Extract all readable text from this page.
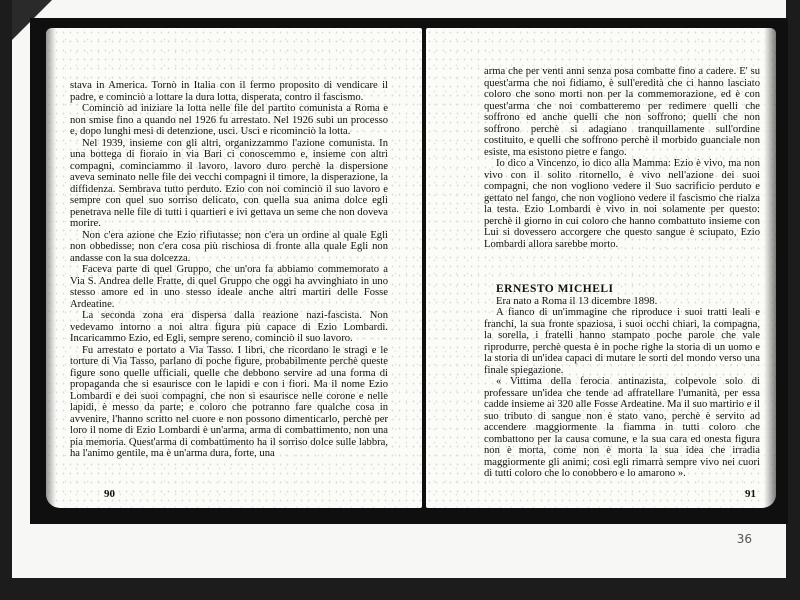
stava in America. Tornò in Italia con il fermo proposito di vendicare il padre, e cominciò a lottare la dura lotta, disperata, contro il fascismo.

Cominciò ad iniziare la lotta nelle file del partito comunista a Roma e non smise fino a quando nel 1926 fu arrestato. Nel 1926 subì un processo e, dopo lunghi mesi di detenzione, uscì. Uscì e ricominciò la lotta.

Nel 1939, insieme con gli altri, organizzammo l'azione comunista. In una bottega di fioraio in via Bari ci conoscemmo e, insieme con altri compagni, cominciammo il lavoro, lavoro duro perchè la dispersione aveva seminato nelle file dei vecchi compagni il timore, la disperazione, la diffidenza. Sembrava tutto perduto. Ezio con noi cominciò il suo lavoro e sempre con quel suo sorriso delicato, con quella sua anima dolce egli penetrava nelle file di tutti i quartieri e ivi gettava un seme che non doveva morire.

Non c'era azione che Ezio rifiutasse; non c'era un ordine al quale Egli non obbedisse; non c'era cosa più rischiosa di fronte alla quale Egli non andasse con la sua dolcezza.

Faceva parte di quel Gruppo, che un'ora fa abbiamo commemorato a Via S. Andrea delle Fratte, di quel Gruppo che oggi ha avvinghiato in uno stesso amore ed in uno stesso ideale anche altri martiri delle Fosse Ardeatine.

La seconda zona era dispersa dalla reazione nazi-fascista. Non vedevamo intorno a noi altra figura più capace di Ezio Lombardi. Incaricammo Ezio, ed Egli, sempre sereno, cominciò il suo lavoro.

Fu arrestato e portato a Via Tasso. I libri, che ricordano le stragi e le torture di Via Tasso, parlano di poche figure, probabilmente perchè queste figure sono quelle ufficiali, quelle che debbono servire ad una forma di propaganda che si esaurisce con le lapidi e con i fiori. Ma il nome Ezio Lombardi e dei suoi compagni, che non si esaurisce nelle corone e nelle lapidi, è messo da parte; e coloro che potranno fare qualche cosa in avvenire, l'hanno scritto nel cuore e non possono dimenticarlo, perchè per loro il nome di Ezio Lombardi è un'arma, arma di combattimento, non una pia memoria. Quest'arma di combattimento ha il sorriso dolce sulle labbra, ha l'animo gentile, ma è un'arma dura, forte, una

90

arma che per venti anni senza posa combatte fino a cadere. E' su quest'arma che noi fidiamo, è sull'eredità che ci hanno lasciato coloro che sono morti non per la commemorazione, ed è con quest'arma che noi combatteremo per redimere quelli che soffrono ed anche quelli che non soffrono; quelli che non soffrono perchè si adagiano tranquillamente sull'ordine costituito, e quelli che soffrono perchè il morbido guanciale non esiste, ma esistono pietre e fango.

Io dico a Vincenzo, io dico alla Mamma: Ezio è vivo, ma non vivo con il solito ritornello, è vivo nell'azione dei suoi compagni, che non vogliono vedere il Suo sacrificio perduto e gettato nel fango, che non vogliono vedere il fascismo che rialza la testa. Ezio Lombardi è vivo in noi solamente per questo: perchè il giorno in cui coloro che hanno combattuto insieme con Lui si dovessero accorgere che questo sangue è sciupato, Ezio Lombardi allora sarebbe morto.

ERNESTO MICHELI

Era nato a Roma il 13 dicembre 1898.

A fianco di un'immagine che riproduce i suoi tratti leali e franchi, la sua fronte spaziosa, i suoi occhi chiari, la compagna, la sorella, i fratelli hanno stampato poche parole che vale riprodurre, perchè questa è in poche righe la storia di un uomo e la storia di un'idea capaci di mutare le sorti del mondo verso una finale spiegazione.

« Vittima della ferocia antinazista, colpevole solo di professare un'idea che tende ad affratellare l'umanità, per essa cadde insieme ai 320 alle Fosse Ardeatine. Ma il suo martirio e il suo tributo di sangue non è stato vano, perchè è servito ad accendere maggiormente la fiamma in tutti coloro che combattono per la causa comune, e la sua cara ed onesta figura non è morta, come non è morta la sua idea che irradia maggiormente gli animi; così egli rimarrà sempre vivo nei cuori di tutti coloro che lo conobbero e lo amarono ».

91
36
